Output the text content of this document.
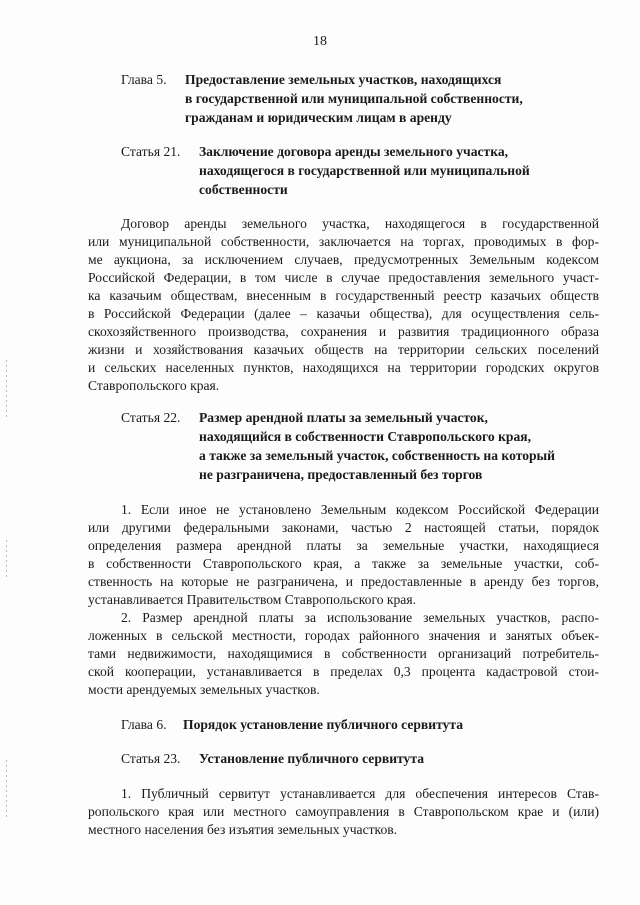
18
Глава 5. Предоставление земельных участков, находящихся
в государственной или муниципальной собственности,
гражданам и юридическим лицам в аренду
Статья 21. Заключение договора аренды земельного участка,
находящегося в государственной или муниципальной
собственности
Договор аренды земельного участка, находящегося в государственной
или муниципальной собственности, заключается на торгах, проводимых в фор-
ме аукциона, за исключением случаев, предусмотренных Земельным кодексом
Российской Федерации, в том числе в случае предоставления земельного участ-
ка казачьим обществам, внесенным в государственный реестр казачьих обществ
в Российской Федерации (далее – казачьи общества), для осуществления сель-
скохозяйственного производства, сохранения и развития традиционного образа
жизни и хозяйствования казачьих обществ на территории сельских поселений
и сельских населенных пунктов, находящихся на территории городских округов
Ставропольского края.
Статья 22. Размер арендной платы за земельный участок,
находящийся в собственности Ставропольского края,
а также за земельный участок, собственность на который
не разграничена, предоставленный без торгов
1. Если иное не установлено Земельным кодексом Российской Федерации
или другими федеральными законами, частью 2 настоящей статьи, порядок
определения размера арендной платы за земельные участки, находящиеся
в собственности Ставропольского края, а также за земельные участки, соб-
ственность на которые не разграничена, и предоставленные в аренду без торгов,
устанавливается Правительством Ставропольского края.
2. Размер арендной платы за использование земельных участков, распо-
ложенных в сельской местности, городах районного значения и занятых объек-
тами недвижимости, находящимися в собственности организаций потребитель-
ской кооперации, устанавливается в пределах 0,3 процента кадастровой стои-
мости арендуемых земельных участков.
Глава 6. Порядок установление публичного сервитута
Статья 23. Установление публичного сервитута
1. Публичный сервитут устанавливается для обеспечения интересов Став-
ропольского края или местного самоуправления в Ставропольском крае и (или)
местного населения без изъятия земельных участков.
